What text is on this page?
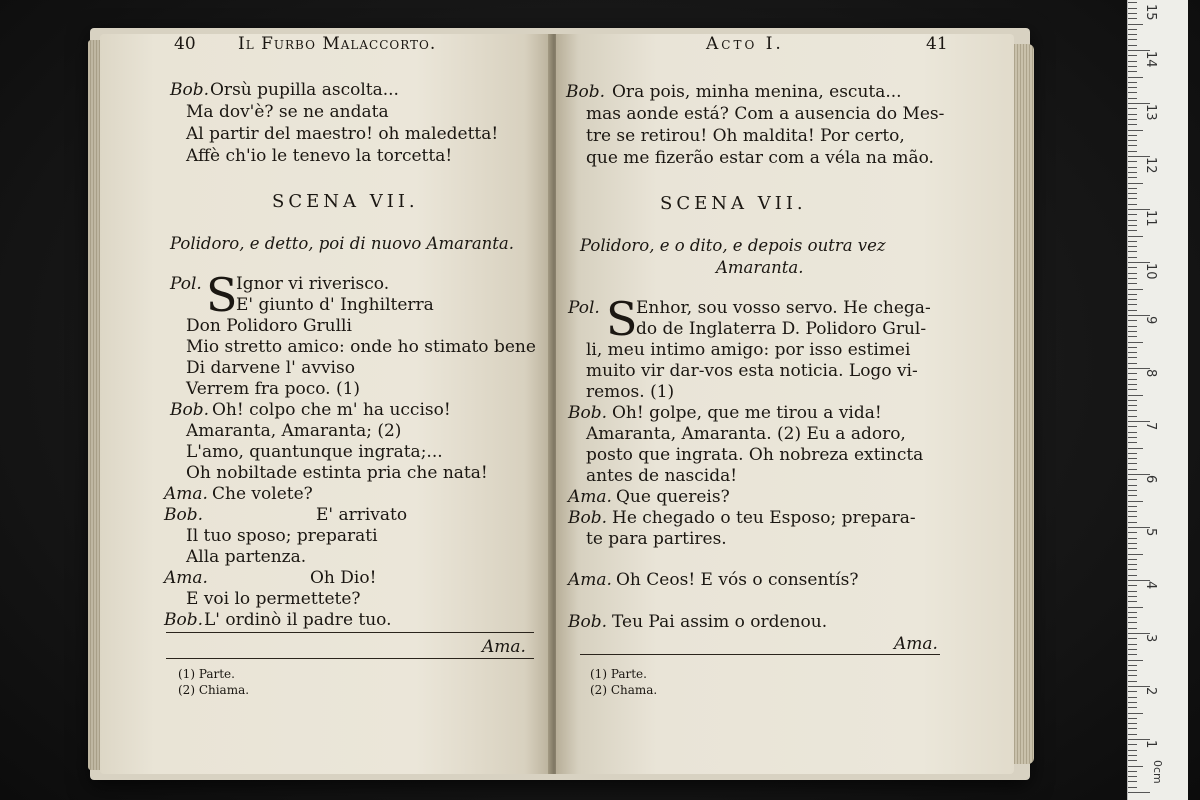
40 Il Furbo Malaccorto.
Bob. Orsù pupilla ascolta...
Ma dov'è? se ne andata
Al partir del maestro! oh maledetta!
Affè ch'io le tenevo la torcetta!
SCENA VII.
Polidoro, e detto, poi di nuovo Amaranta.
Pol. S
Ignor vi riverisco.
E' giunto d' Inghilterra
Don Polidoro Grulli
Mio stretto amico: onde ho stimato bene
Di darvene l' avviso
Verrem fra poco. (1)
Bob. Oh! colpo che m' ha ucciso!
Amaranta, Amaranta; (2)
L'amo, quantunque ingrata;...
Oh nobiltade estinta pria che nata!
Ama. Che volete?
Bob.	E' arrivato
Il tuo sposo; preparati
Alla partenza.
Ama.	Oh Dio!
E voi lo permettete?
Bob. L' ordinò il padre tuo.
Ama.
(1) Parte.
(2) Chiama.
Acto I.	41
Bob. Ora pois, minha menina, escuta...
mas aonde está? Com a ausencia do Mes-
tre se retirou! Oh maldita! Por certo,
que me fizerão estar com a véla na mão.
SCENA VII.
Polidoro, e o dito, e depois outra vez
Amaranta.
Pol. S
Enhor, sou vosso servo. He chega-
do de Inglaterra D. Polidoro Grul-
li, meu intimo amigo: por isso estimei
muito vir dar-vos esta noticia. Logo vi-
remos. (1)
Bob. Oh! golpe, que me tirou a vida!
Amaranta, Amaranta. (2) Eu a adoro,
posto que ingrata. Oh nobreza extincta
antes de nascida!
Ama. Que quereis?
Bob. He chegado o teu Esposo; prepara-
te para partires.
Ama. Oh Ceos! E vós o consentís?
Bob. Teu Pai assim o ordenou.
Ama.
(1) Parte.
(2) Chama.
1
2
3
4
5
6
7
8
9
10
11
12
13
14
15
0cm
